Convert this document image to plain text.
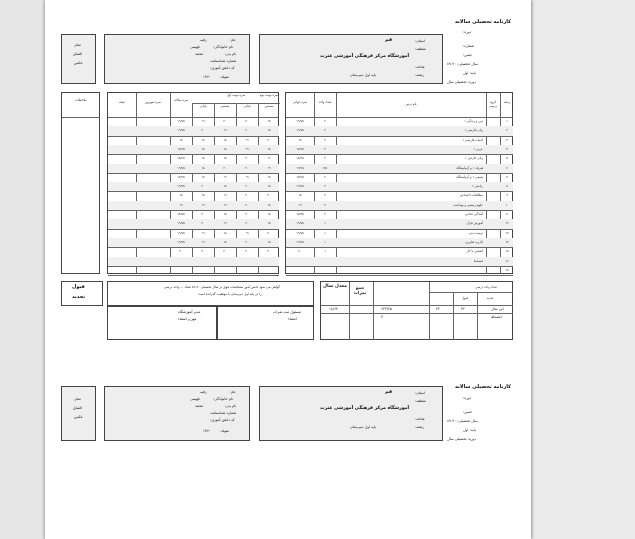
کارنامه تحصیلی سالانه
دوره:
شماره:
جنس:
سال تحصیلی: ۹۰-۸۹
پایه: اول
دوره: تحصیلی سال
استان:
قم
منطقه:
آموزشگاه مرکز فرهنگی آموزشی عترت
شاخه:
رشته:
پایه اول دبیرستان
نام:
رقیه
نام خانوادگی:
فهیمی
نام پدر:
محمد
شماره شناسنامه:
کد دانش آموزی:
متولد:
۱۳۷۰
محل
الصاق
عکس
ردیف
گروه درسی
نام درس
تعداد واحد
نمره جهانی
۱
دین و زندگی ۱
۲
۱۹/۷۵
۲
زبان فارسی ۱
۲
۱۹/۷۵
۳
ادبیات فارسی ۱
۲
۱۷
۴
عربی ۱
۲
۱۷/۲۵
۵
زبان خارجی ۱
۲
۱۸/۲۵
۶
فیزیک ۱ و آزمایشگاه
۲/۵
۱۹/۲۵
۷
شیمی ۱ و آزمایشگاه
۲
۱۷/۲۵
۸
ریاضی ۱
۳
۱۹/۲۵
۹
مطالعات اجتماعی
۳
۱۸
۱۰
علوم زیستی و بهداشت
۳
۱۹
۱۱
آمادگی دفاعی
۲
۱۸/۷۵
۱۲
آموزش قرآن
۱
۱۹/۷۵
۱۳
تربیت بدنی
۱
۱۹/۷۵
۱۴
کاربرد فناوری
۱
۱۹/۲۵
۱۵
آشنایی با کار
۱
۲۰
۱۶
انضباط
۱۷
نمره نوبت اول	نمره نوبت دوم
مستمر
پایانی
مستمر
پایانی
نمره سالانه
نمره شهریور
نتیجه
۱۸
۲۰
۲۰
۱۹
۱۹/۷۵
۱۸
۲۰
۱۹
۲۰
۱۹/۷۵
۲۰
۱۹
۱۸
۱۷
۱۷
۱۸
۱۹
۱۸
۱۸
۱۷/۲۵
۱۹
۲۰
۱۸
۱۸
۱۸/۲۵
۱۹
۲۰
۲۰
۱۸
۱۹/۲۵
۱۸
۱۹
۱۹
۱۷
۱۷/۲۵
۱۸
۲۰
۱۸
۲۰
۱۹/۲۵
۲۰
۲۰
۱۹
۱۸
۱۸
۱۸
۲۰
۱۹
۱۹
۱۹
۱۸
۲۰
۱۸
۲۰
۱۸/۷۵
۱۸
۲۰
۱۹
۲۰
۱۹/۷۵
۲۰
۱۹
۱۸
۱۹
۱۹/۷۵
۱۸
۲۰
۱۸
۱۹
۱۹/۲۵
۲۰
۲۰
۲۰
۲۰
۲۰
ملاحظات
تعداد واحد درسی
تجدید
قبول
جمع نمرات
معدل سال
این سال
انضباط
۳۲
۳۲
۶۲۳/۲۵
۱۸/۶۳
۲۰
گواهی می شود دانش آموز مشخصات فوق در سال تحصیلی ۹۰-۸۹ تعداد ... واحد درسی
را در پایه اول دبیرستان با موفقیت گذرانده است
قبول
تجدید
مسئول ثبت نمرات
امضاء
مدیر آموزشگاه
مهر و امضاء
کارنامه تحصیلی سالانه
دوره:
جنس:
سال تحصیلی: ۹۰-۸۹
پایه: اول
دوره: تحصیلی سال
استان:
قم
منطقه:
آموزشگاه مرکز فرهنگی آموزشی عترت
شاخه:
رشته:
پایه اول دبیرستان
نام:
رقیه
نام خانوادگی:
فهیمی
نام پدر:
محمد
شماره شناسنامه:
کد دانش آموزی:
متولد:
۱۳۷۰
محل
الصاق
عکس
